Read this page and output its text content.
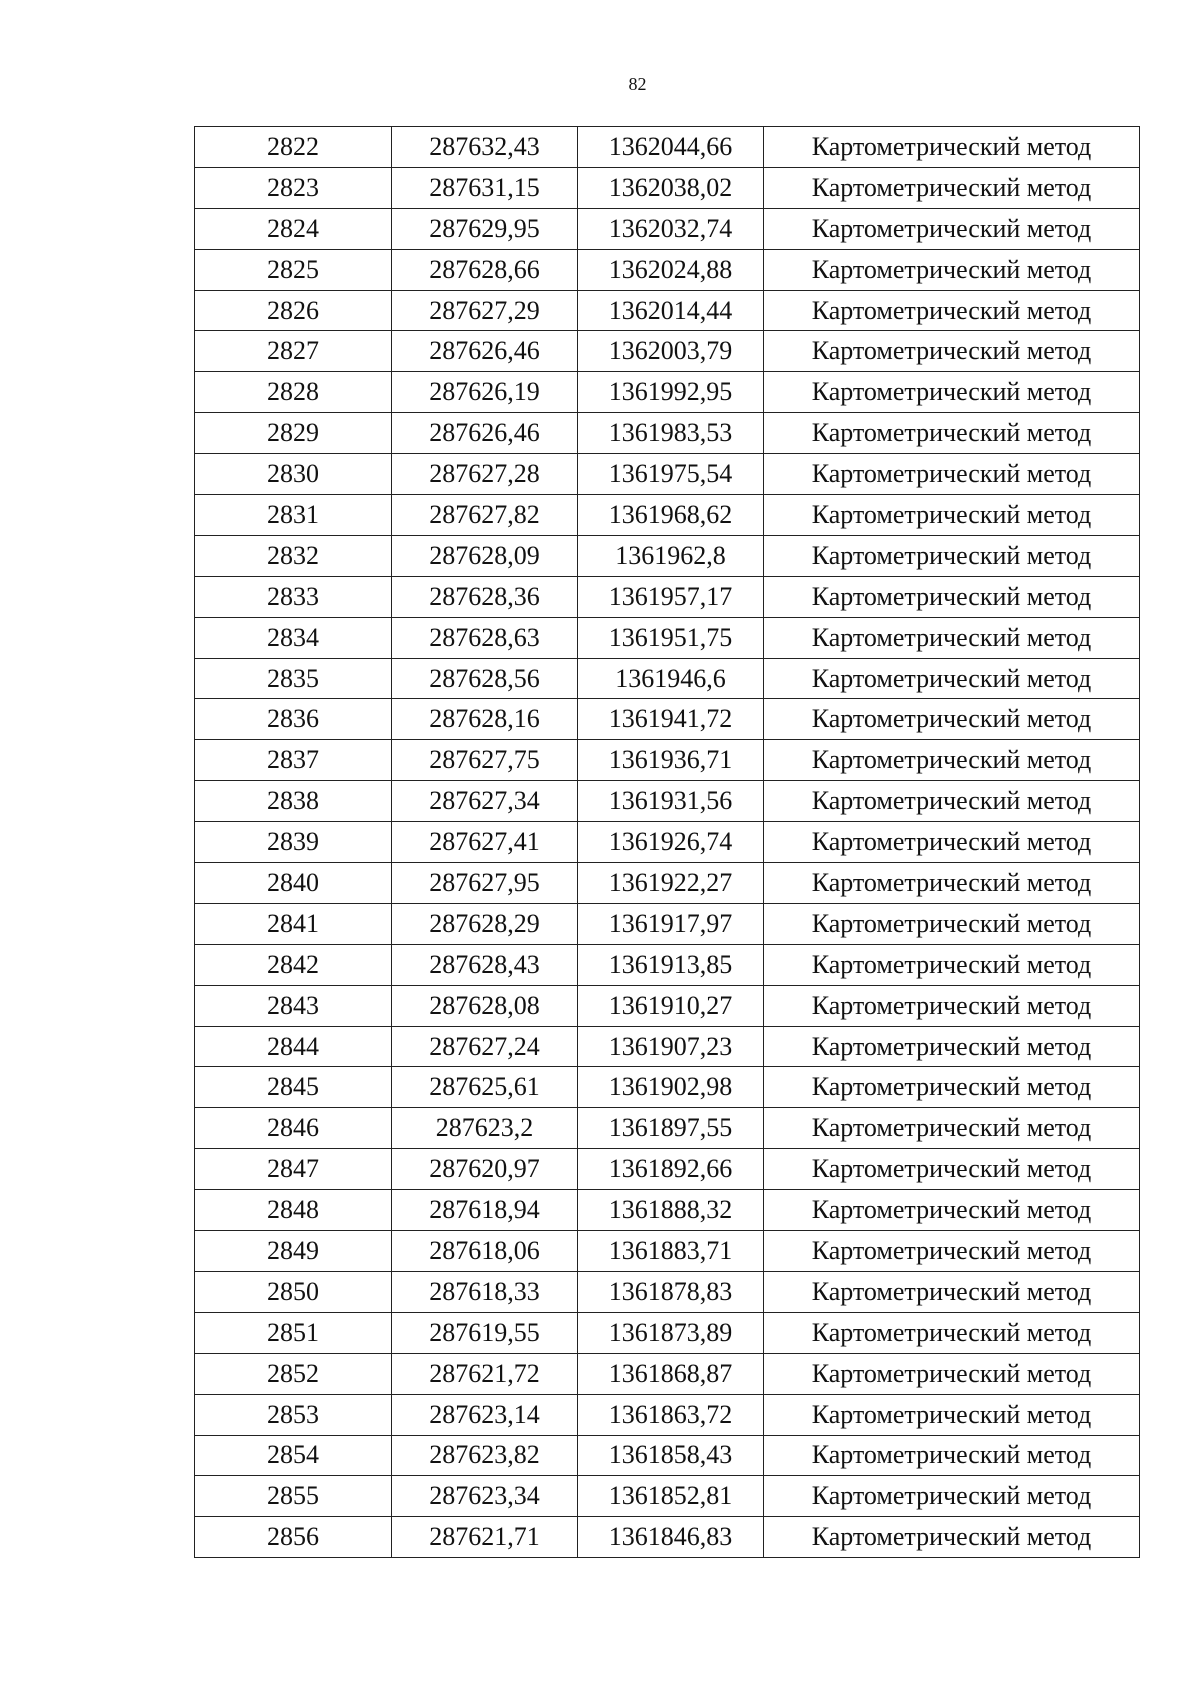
82
2822	287632,43	1362044,66	Картометрический метод
2823	287631,15	1362038,02	Картометрический метод
2824	287629,95	1362032,74	Картометрический метод
2825	287628,66	1362024,88	Картометрический метод
2826	287627,29	1362014,44	Картометрический метод
2827	287626,46	1362003,79	Картометрический метод
2828	287626,19	1361992,95	Картометрический метод
2829	287626,46	1361983,53	Картометрический метод
2830	287627,28	1361975,54	Картометрический метод
2831	287627,82	1361968,62	Картометрический метод
2832	287628,09	1361962,8	Картометрический метод
2833	287628,36	1361957,17	Картометрический метод
2834	287628,63	1361951,75	Картометрический метод
2835	287628,56	1361946,6	Картометрический метод
2836	287628,16	1361941,72	Картометрический метод
2837	287627,75	1361936,71	Картометрический метод
2838	287627,34	1361931,56	Картометрический метод
2839	287627,41	1361926,74	Картометрический метод
2840	287627,95	1361922,27	Картометрический метод
2841	287628,29	1361917,97	Картометрический метод
2842	287628,43	1361913,85	Картометрический метод
2843	287628,08	1361910,27	Картометрический метод
2844	287627,24	1361907,23	Картометрический метод
2845	287625,61	1361902,98	Картометрический метод
2846	287623,2	1361897,55	Картометрический метод
2847	287620,97	1361892,66	Картометрический метод
2848	287618,94	1361888,32	Картометрический метод
2849	287618,06	1361883,71	Картометрический метод
2850	287618,33	1361878,83	Картометрический метод
2851	287619,55	1361873,89	Картометрический метод
2852	287621,72	1361868,87	Картометрический метод
2853	287623,14	1361863,72	Картометрический метод
2854	287623,82	1361858,43	Картометрический метод
2855	287623,34	1361852,81	Картометрический метод
2856	287621,71	1361846,83	Картометрический метод
